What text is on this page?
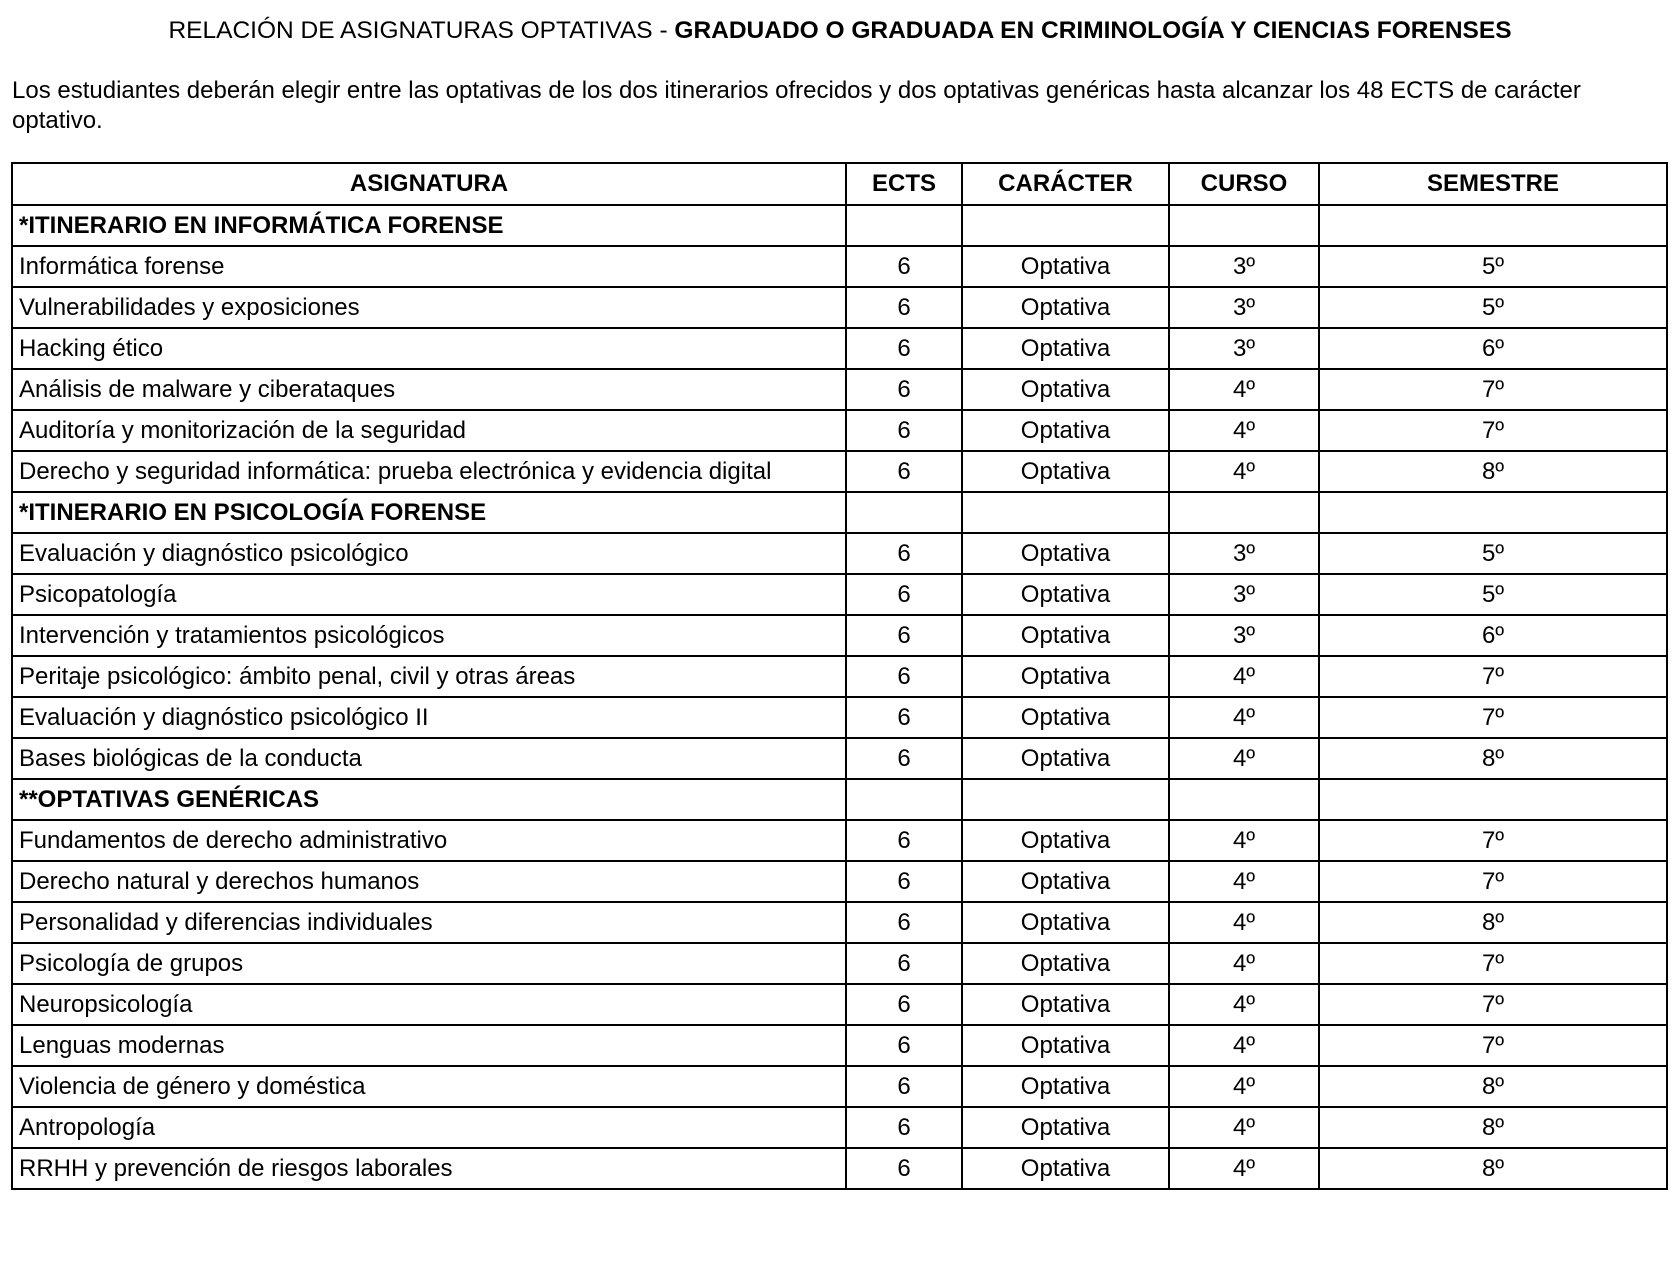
RELACIÓN DE ASIGNATURAS OPTATIVAS - GRADUADO O GRADUADA EN CRIMINOLOGÍA Y CIENCIAS FORENSES
Los estudiantes deberán elegir entre las optativas de los dos itinerarios ofrecidos y dos optativas genéricas hasta alcanzar los 48 ECTS de carácter optativo.
ASIGNATURA	ECTS	CARÁCTER	CURSO	SEMESTRE
*ITINERARIO EN INFORMÁTICA FORENSE				
Informática forense	6	Optativa	3º	5º
Vulnerabilidades y exposiciones	6	Optativa	3º	5º
Hacking ético	6	Optativa	3º	6º
Análisis de malware y ciberataques	6	Optativa	4º	7º
Auditoría y monitorización de la seguridad	6	Optativa	4º	7º
Derecho y seguridad informática: prueba electrónica y evidencia digital	6	Optativa	4º	8º
*ITINERARIO EN PSICOLOGÍA FORENSE				
Evaluación y diagnóstico psicológico	6	Optativa	3º	5º
Psicopatología	6	Optativa	3º	5º
Intervención y tratamientos psicológicos	6	Optativa	3º	6º
Peritaje psicológico: ámbito penal, civil y otras áreas	6	Optativa	4º	7º
Evaluación y diagnóstico psicológico II	6	Optativa	4º	7º
Bases biológicas de la conducta	6	Optativa	4º	8º
**OPTATIVAS GENÉRICAS				
Fundamentos de derecho administrativo	6	Optativa	4º	7º
Derecho natural y derechos humanos	6	Optativa	4º	7º
Personalidad y diferencias individuales	6	Optativa	4º	8º
Psicología de grupos	6	Optativa	4º	7º
Neuropsicología	6	Optativa	4º	7º
Lenguas modernas	6	Optativa	4º	7º
Violencia de género y doméstica	6	Optativa	4º	8º
Antropología	6	Optativa	4º	8º
RRHH y prevención de riesgos laborales	6	Optativa	4º	8º
